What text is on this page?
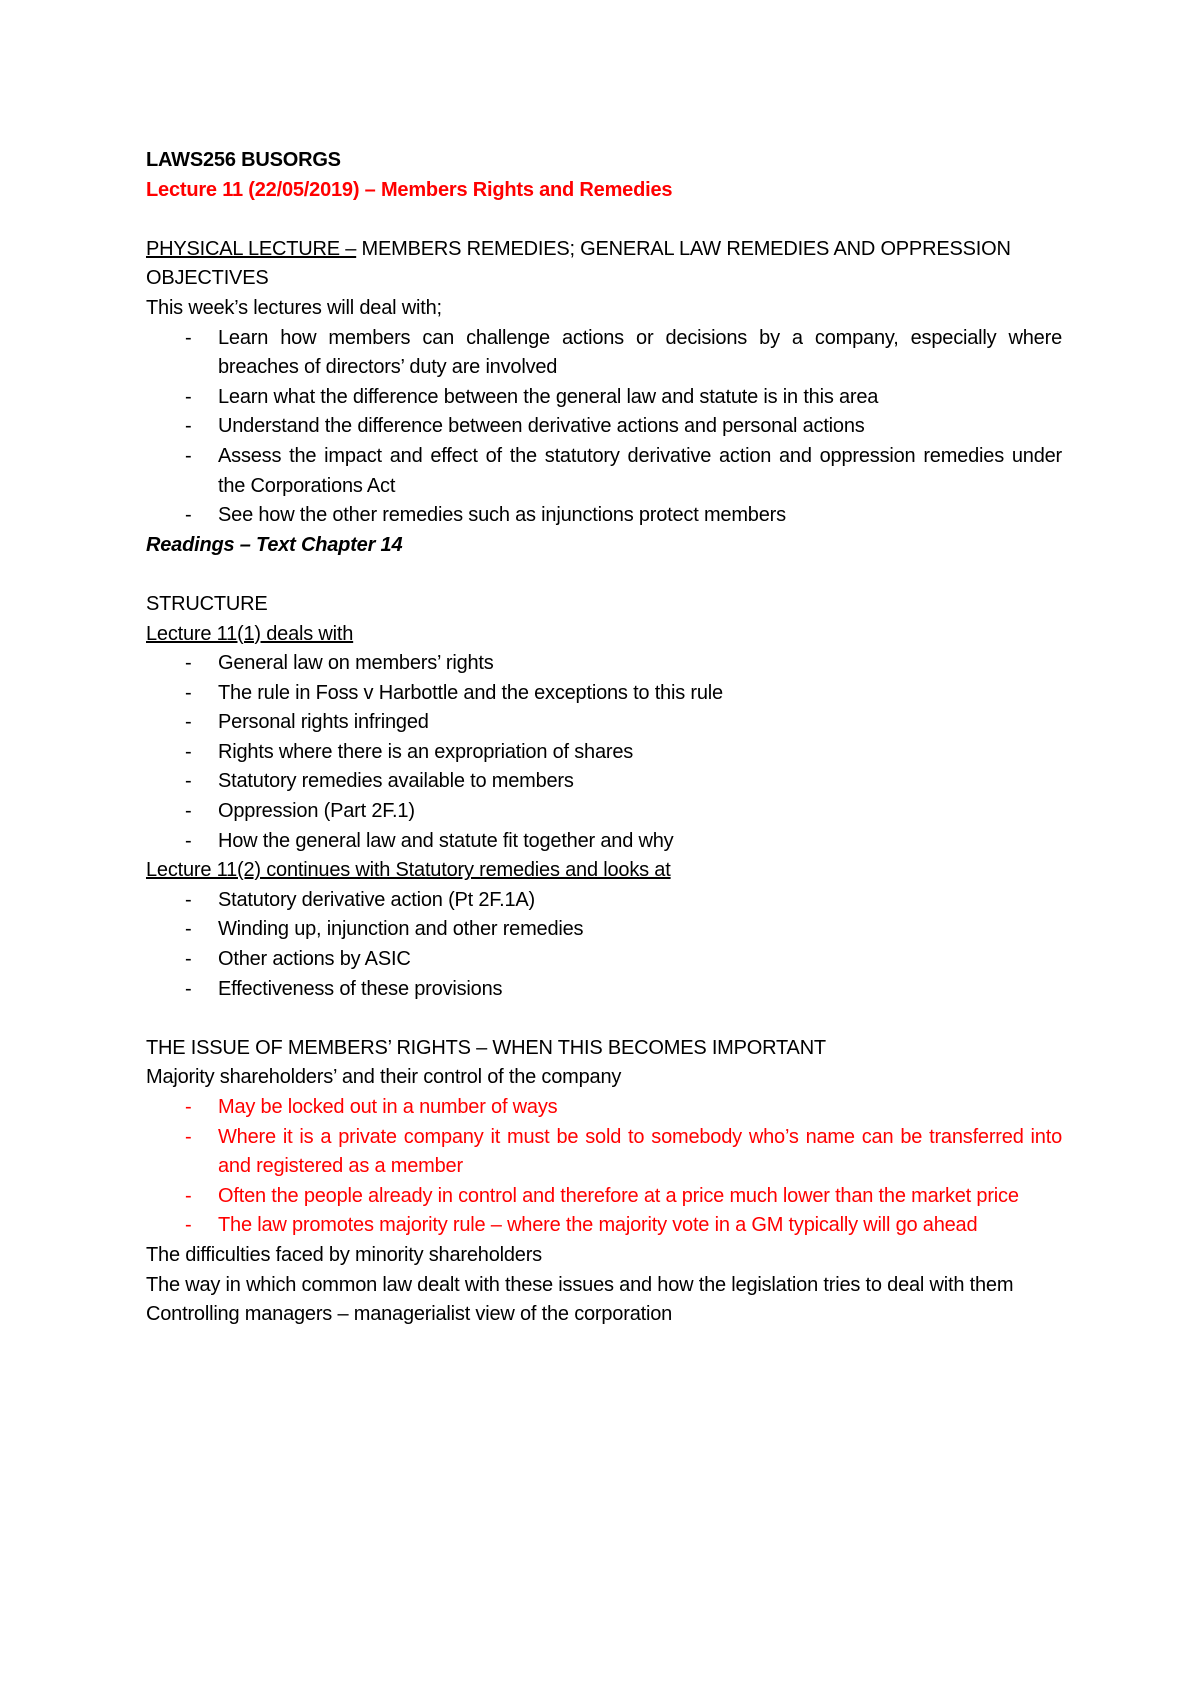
LAWS256 BUSORGS

Lecture 11 (22/05/2019) – Members Rights and Remedies

PHYSICAL LECTURE – MEMBERS REMEDIES; GENERAL LAW REMEDIES AND OPPRESSION

OBJECTIVES

This week’s lectures will deal with;

- Learn how members can challenge actions or decisions by a company, especially where breaches of directors’ duty are involved
- Learn what the difference between the general law and statute is in this area
- Understand the difference between derivative actions and personal actions
- Assess the impact and effect of the statutory derivative action and oppression remedies under the Corporations Act
- See how the other remedies such as injunctions protect members

Readings – Text Chapter 14

STRUCTURE

Lecture 11(1) deals with

- General law on members’ rights
- The rule in Foss v Harbottle and the exceptions to this rule
- Personal rights infringed
- Rights where there is an expropriation of shares
- Statutory remedies available to members
- Oppression (Part 2F.1)
- How the general law and statute fit together and why

Lecture 11(2) continues with Statutory remedies and looks at

- Statutory derivative action (Pt 2F.1A)
- Winding up, injunction and other remedies
- Other actions by ASIC
- Effectiveness of these provisions

THE ISSUE OF MEMBERS’ RIGHTS – WHEN THIS BECOMES IMPORTANT

Majority shareholders’ and their control of the company

- May be locked out in a number of ways
- Where it is a private company it must be sold to somebody who’s name can be transferred into and registered as a member
- Often the people already in control and therefore at a price much lower than the market price
- The law promotes majority rule – where the majority vote in a GM typically will go ahead

The difficulties faced by minority shareholders

The way in which common law dealt with these issues and how the legislation tries to deal with them

Controlling managers – managerialist view of the corporation
